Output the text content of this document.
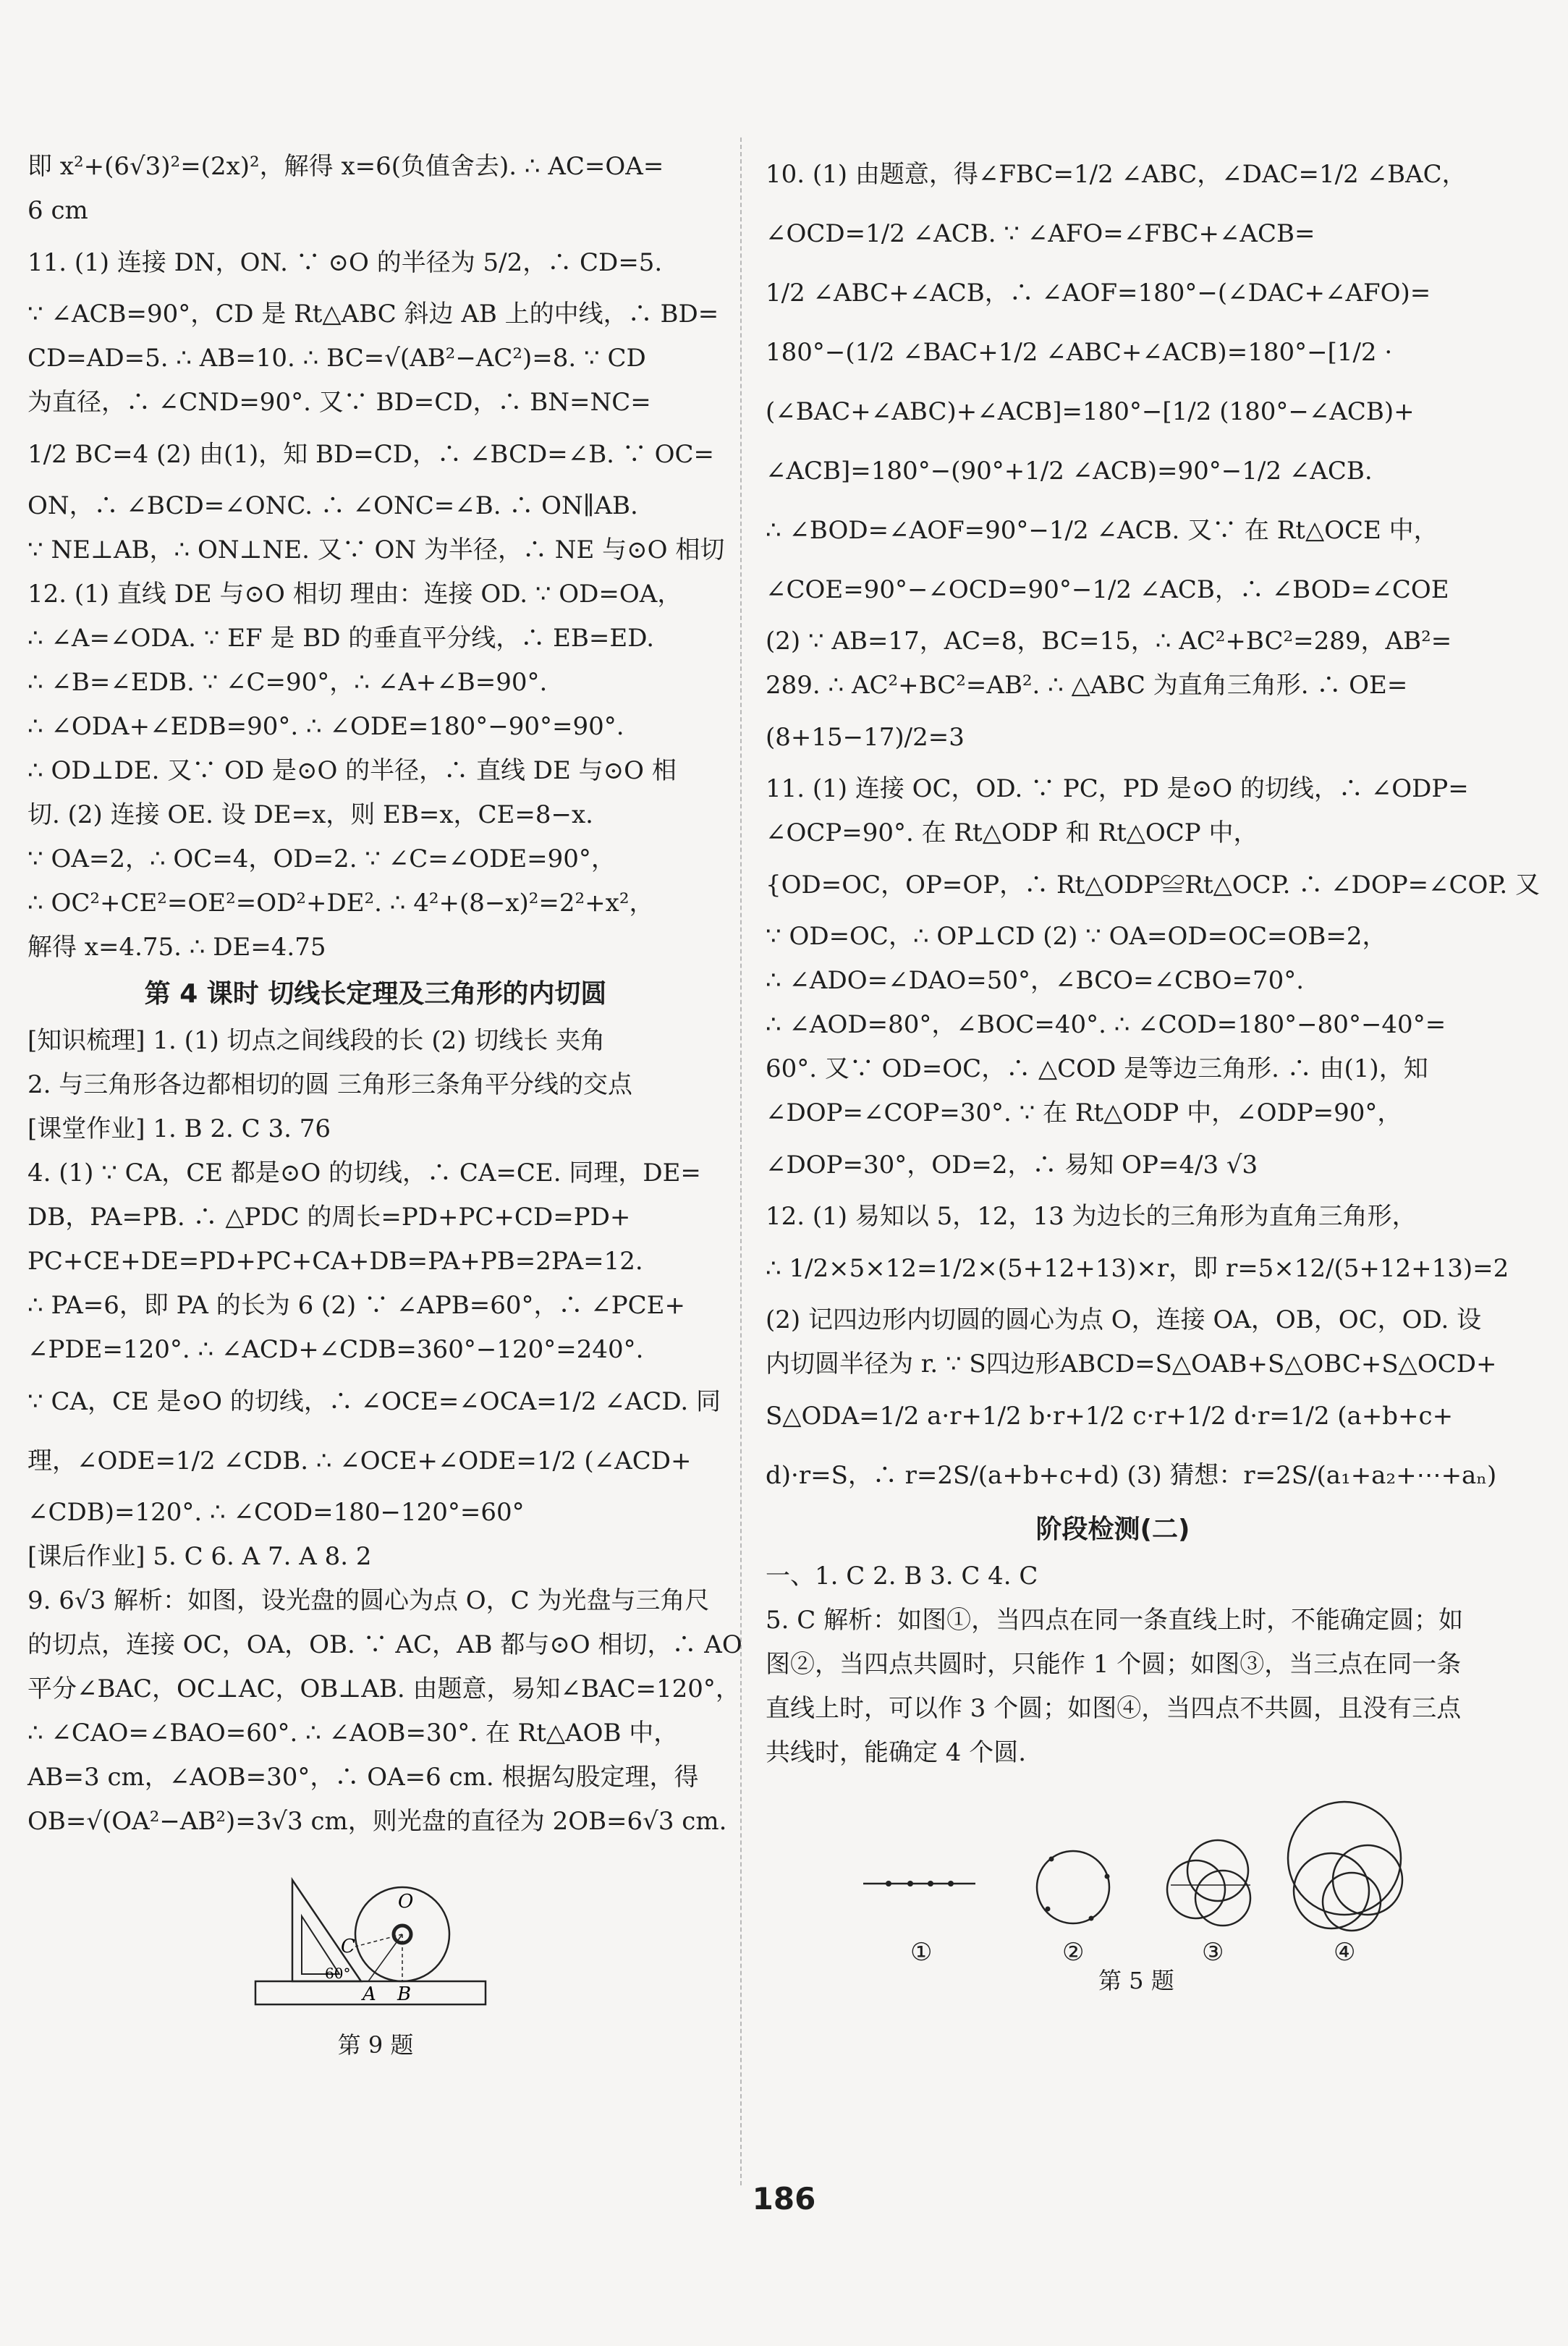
即 x²+(6√3)²=(2x)²，解得 x=6(负值舍去). ∴ AC=OA=
6 cm
11. (1) 连接 DN，ON. ∵ ⊙O 的半径为 5/2，∴ CD=5.
∵ ∠ACB=90°，CD 是 Rt△ABC 斜边 AB 上的中线，∴ BD=
CD=AD=5. ∴ AB=10. ∴ BC=√(AB²−AC²)=8. ∵ CD
为直径，∴ ∠CND=90°. 又∵ BD=CD，∴ BN=NC=
1/2 BC=4 (2) 由(1)，知 BD=CD，∴ ∠BCD=∠B. ∵ OC=
ON，∴ ∠BCD=∠ONC. ∴ ∠ONC=∠B. ∴ ON∥AB.
∵ NE⊥AB，∴ ON⊥NE. 又∵ ON 为半径，∴ NE 与⊙O 相切
12. (1) 直线 DE 与⊙O 相切 理由：连接 OD. ∵ OD=OA，
∴ ∠A=∠ODA. ∵ EF 是 BD 的垂直平分线，∴ EB=ED.
∴ ∠B=∠EDB. ∵ ∠C=90°，∴ ∠A+∠B=90°.
∴ ∠ODA+∠EDB=90°. ∴ ∠ODE=180°−90°=90°.
∴ OD⊥DE. 又∵ OD 是⊙O 的半径，∴ 直线 DE 与⊙O 相
切. (2) 连接 OE. 设 DE=x，则 EB=x，CE=8−x.
∵ OA=2，∴ OC=4，OD=2. ∵ ∠C=∠ODE=90°，
∴ OC²+CE²=OE²=OD²+DE². ∴ 4²+(8−x)²=2²+x²，
解得 x=4.75. ∴ DE=4.75
第 4 课时 切线长定理及三角形的内切圆
[知识梳理] 1. (1) 切点之间线段的长 (2) 切线长 夹角
2. 与三角形各边都相切的圆 三角形三条角平分线的交点
[课堂作业] 1. B 2. C 3. 76
4. (1) ∵ CA，CE 都是⊙O 的切线，∴ CA=CE. 同理，DE=
DB，PA=PB. ∴ △PDC 的周长=PD+PC+CD=PD+
PC+CE+DE=PD+PC+CA+DB=PA+PB=2PA=12.
∴ PA=6，即 PA 的长为 6 (2) ∵ ∠APB=60°，∴ ∠PCE+
∠PDE=120°. ∴ ∠ACD+∠CDB=360°−120°=240°.
∵ CA，CE 是⊙O 的切线，∴ ∠OCE=∠OCA=1/2 ∠ACD. 同
理，∠ODE=1/2 ∠CDB. ∴ ∠OCE+∠ODE=1/2 (∠ACD+
∠CDB)=120°. ∴ ∠COD=180−120°=60°
[课后作业] 5. C 6. A 7. A 8. 2
9. 6√3 解析：如图，设光盘的圆心为点 O，C 为光盘与三角尺
的切点，连接 OC，OA，OB. ∵ AC，AB 都与⊙O 相切，∴ AO
平分∠BAC，OC⊥AC，OB⊥AB. 由题意，易知∠BAC=120°，
∴ ∠CAO=∠BAO=60°. ∴ ∠AOB=30°. 在 Rt△AOB 中，
AB=3 cm，∠AOB=30°，∴ OA=6 cm. 根据勾股定理，得
OB=√(OA²−AB²)=3√3 cm，则光盘的直径为 2OB=6√3 cm.
O
C
A B
60°
第 9 题
10. (1) 由题意，得∠FBC=1/2 ∠ABC，∠DAC=1/2 ∠BAC，
∠OCD=1/2 ∠ACB. ∵ ∠AFO=∠FBC+∠ACB=
1/2 ∠ABC+∠ACB，∴ ∠AOF=180°−(∠DAC+∠AFO)=
180°−(1/2 ∠BAC+1/2 ∠ABC+∠ACB)=180°−[1/2 ·
(∠BAC+∠ABC)+∠ACB]=180°−[1/2 (180°−∠ACB)+
∠ACB]=180°−(90°+1/2 ∠ACB)=90°−1/2 ∠ACB.
∴ ∠BOD=∠AOF=90°−1/2 ∠ACB. 又∵ 在 Rt△OCE 中，
∠COE=90°−∠OCD=90°−1/2 ∠ACB，∴ ∠BOD=∠COE
(2) ∵ AB=17，AC=8，BC=15，∴ AC²+BC²=289，AB²=
289. ∴ AC²+BC²=AB². ∴ △ABC 为直角三角形. ∴ OE=
(8+15−17)/2=3
11. (1) 连接 OC，OD. ∵ PC，PD 是⊙O 的切线，∴ ∠ODP=
∠OCP=90°. 在 Rt△ODP 和 Rt△OCP 中，
{OD=OC，OP=OP，∴ Rt△ODP≌Rt△OCP. ∴ ∠DOP=∠COP. 又
∵ OD=OC，∴ OP⊥CD (2) ∵ OA=OD=OC=OB=2，
∴ ∠ADO=∠DAO=50°，∠BCO=∠CBO=70°.
∴ ∠AOD=80°，∠BOC=40°. ∴ ∠COD=180°−80°−40°=
60°. 又∵ OD=OC，∴ △COD 是等边三角形. ∴ 由(1)，知
∠DOP=∠COP=30°. ∵ 在 Rt△ODP 中，∠ODP=90°，
∠DOP=30°，OD=2，∴ 易知 OP=4/3 √3
12. (1) 易知以 5，12，13 为边长的三角形为直角三角形，
∴ 1/2×5×12=1/2×(5+12+13)×r，即 r=5×12/(5+12+13)=2
(2) 记四边形内切圆的圆心为点 O，连接 OA，OB，OC，OD. 设
内切圆半径为 r. ∵ S四边形ABCD=S△OAB+S△OBC+S△OCD+
S△ODA=1/2 a·r+1/2 b·r+1/2 c·r+1/2 d·r=1/2 (a+b+c+
d)·r=S，∴ r=2S/(a+b+c+d) (3) 猜想：r=2S/(a₁+a₂+⋯+aₙ)
阶段检测(二)
一、1. C 2. B 3. C 4. C
5. C 解析：如图①，当四点在同一条直线上时，不能确定圆；如
图②，当四点共圆时，只能作 1 个圆；如图③，当三点在同一条
直线上时，可以作 3 个圆；如图④，当四点不共圆，且没有三点
共线时，能确定 4 个圆.
①	②	③	④
第 5 题
186
